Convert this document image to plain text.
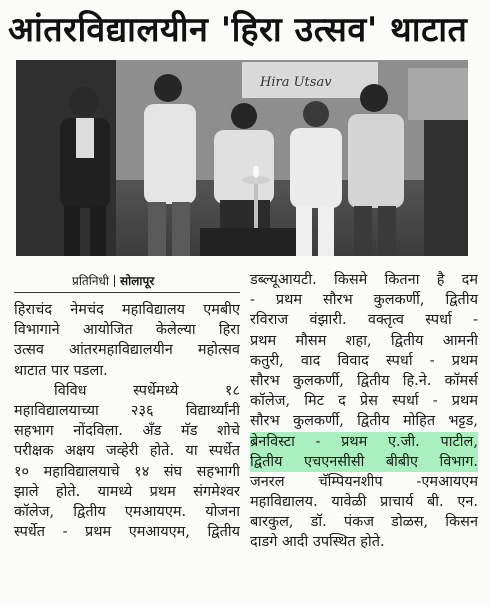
आंतरविद्यालयीन 'हिरा उत्सव' थाटात
Hira Utsav
प्रतिनिधी सोलापूर
हिराचंद नेमचंद महाविद्यालय एमबीए
विभागाने आयोजित केलेल्या हिरा
उत्सव आंतरमहाविद्यालयीन महोत्सव
थाटात पार पडला.
विविध स्पर्धेमध्ये १८
महाविद्यालयाच्या २३६ विद्यार्थ्यांनी
सहभाग नोंदविला. अँड मॅड शोचे
परीक्षक अक्षय जव्हेरी होते. या स्पर्धेत
१० महाविद्यालयाचे १४ संघ सहभागी
झाले होते. यामध्ये प्रथम संगमेश्वर
कॉलेज, द्वितीय एमआयएम. योजना
स्पर्धेत - प्रथम एमआयएम, द्वितीय
डब्ल्यूआयटी. किसमे कितना है दम
- प्रथम सौरभ कुलकर्णी, द्वितीय
रविराज वंझारी. वक्तृत्व स्पर्धा -
प्रथम मौसम शहा, द्वितीय आमनी
कतुरी, वाद विवाद स्पर्धा - प्रथम
सौरभ कुलकर्णी, द्वितीय हि.ने. कॉमर्स
कॉलेज, मिट द प्रेस स्पर्धा - प्रथम
सौरभ कुलकर्णी, द्वितीय मोहित भट्टड,
ब्रेनविस्टा - प्रथम ए.जी. पाटील,
द्वितीय एचएनसीसी बीबीए विभाग.
जनरल चॅम्पियनशीप -एमआयएम
महाविद्यालय. यावेळी प्राचार्य बी. एन.
बारकुल, डॉ. पंकज डोळस, किसन
दाडगे आदी उपस्थित होते.
